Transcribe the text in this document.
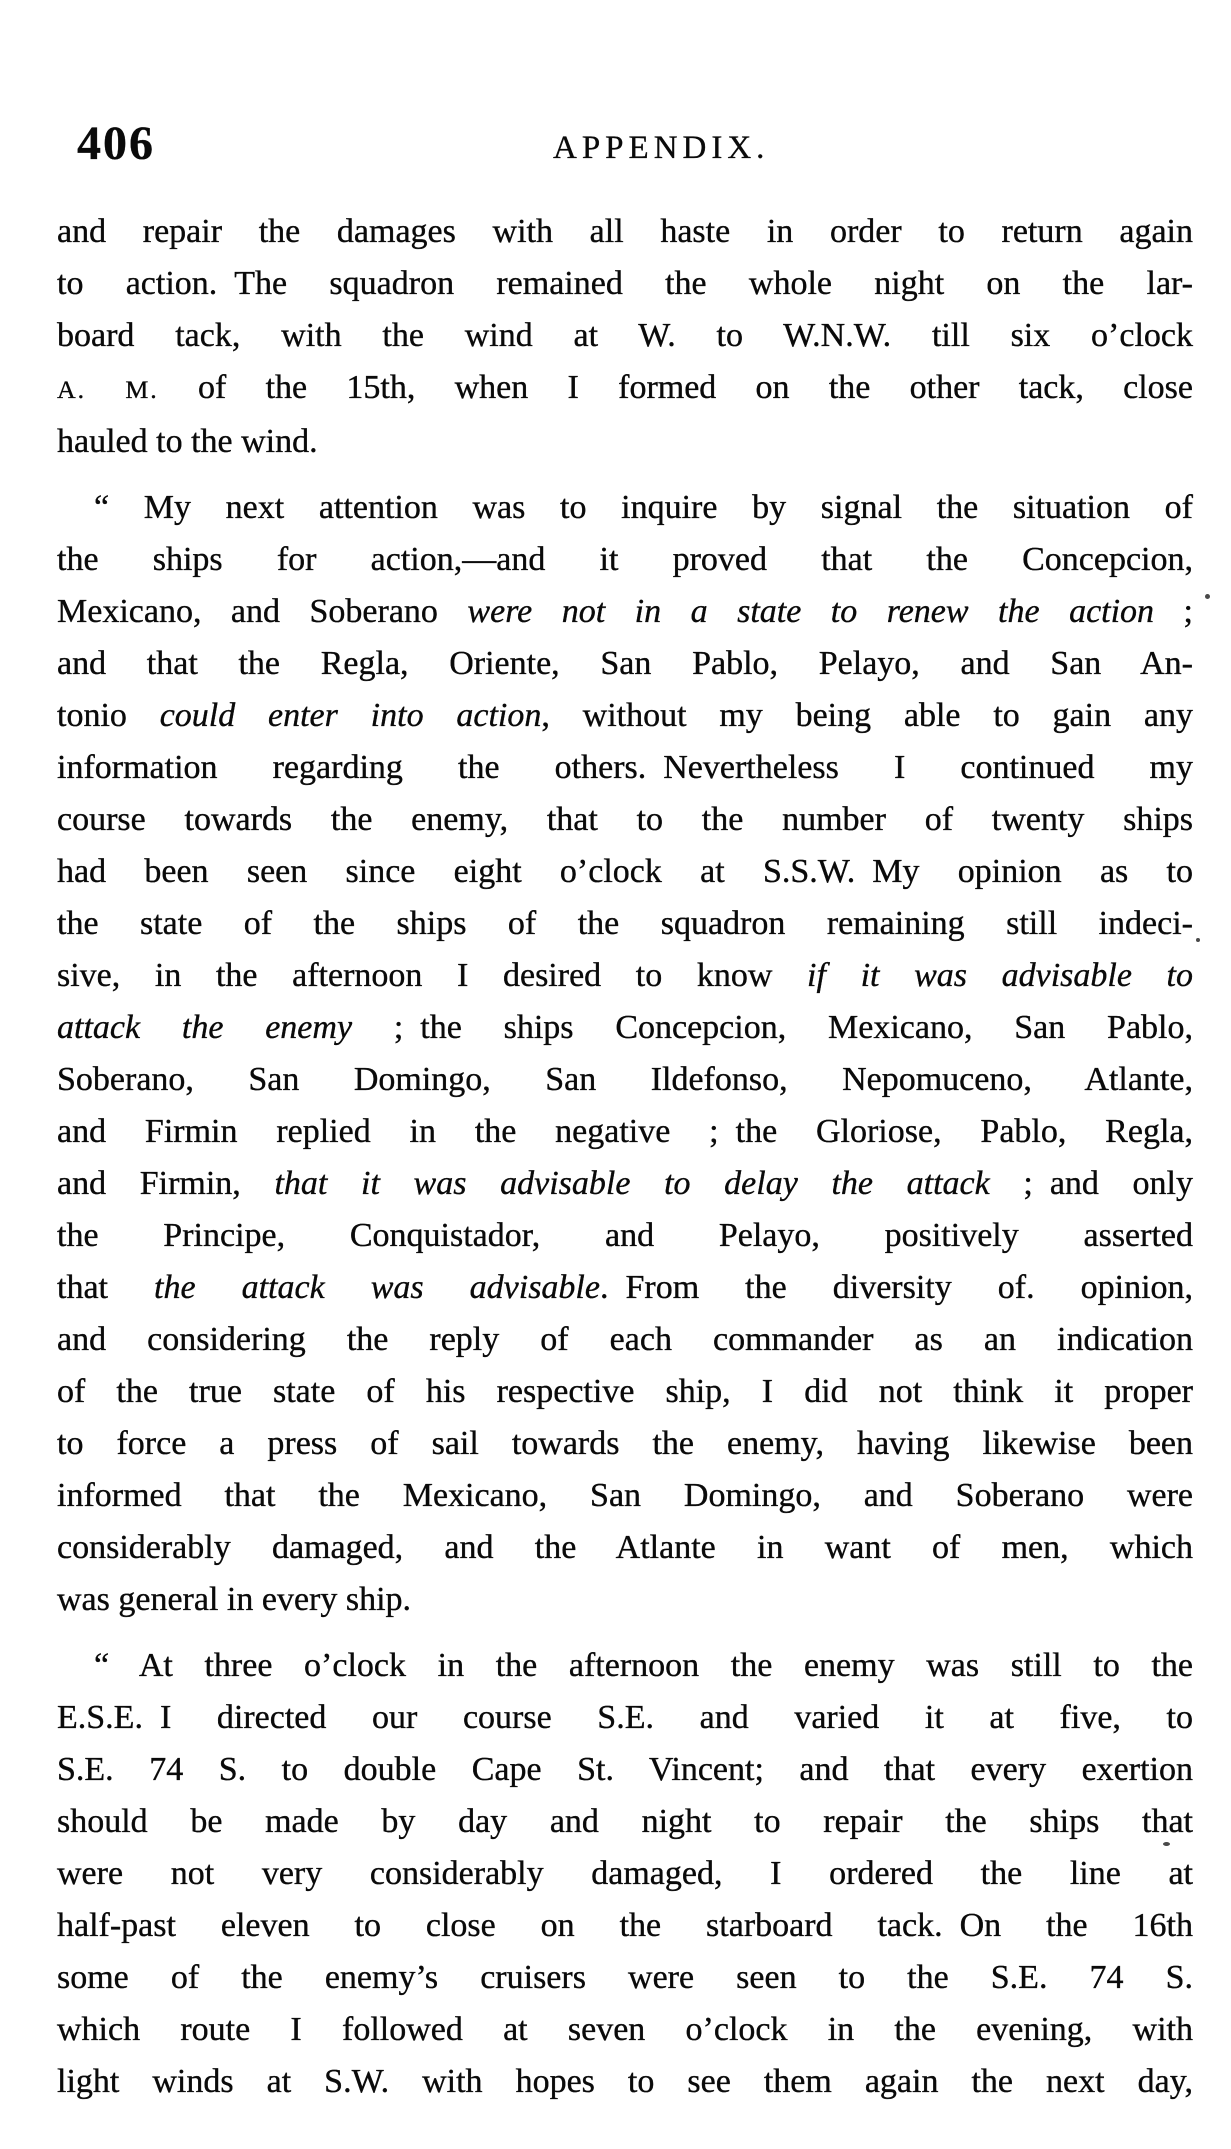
406	APPENDIX.
and repair the damages with all haste in order to return again
to action. The squadron remained the whole night on the lar-
board tack, with the wind at W. to W.N.W. till six o’clock
A. M. of the 15th, when I formed on the other tack, close
hauled to the wind.
“ My next attention was to inquire by signal the situation of
the ships for action,—and it proved that the Concepcion,
Mexicano, and Soberano were not in a state to renew the action ;
and that the Regla, Oriente, San Pablo, Pelayo, and San An-
tonio could enter into action, without my being able to gain any
information regarding the others. Nevertheless I continued my
course towards the enemy, that to the number of twenty ships
had been seen since eight o’clock at S.S.W. My opinion as to
the state of the ships of the squadron remaining still indeci-
sive, in the afternoon I desired to know if it was advisable to
attack the enemy ; the ships Concepcion, Mexicano, San Pablo,
Soberano, San Domingo, San Ildefonso, Nepomuceno, Atlante,
and Firmin replied in the negative ; the Gloriose, Pablo, Regla,
and Firmin, that it was advisable to delay the attack ; and only
the Principe, Conquistador, and Pelayo, positively asserted
that the attack was advisable. From the diversity of. opinion,
and considering the reply of each commander as an indication
of the true state of his respective ship, I did not think it proper
to force a press of sail towards the enemy, having likewise been
informed that the Mexicano, San Domingo, and Soberano were
considerably damaged, and the Atlante in want of men, which
was general in every ship.
“ At three o’clock in the afternoon the enemy was still to the
E.S.E. I directed our course S.E. and varied it at five, to
S.E. 74 S. to double Cape St. Vincent; and that every exertion
should be made by day and night to repair the ships that
were not very considerably damaged, I ordered the line at
half-past eleven to close on the starboard tack. On the 16th
some of the enemy’s cruisers were seen to the S.E. 74 S.
which route I followed at seven o’clock in the evening, with
light winds at S.W. with hopes to see them again the next day,
